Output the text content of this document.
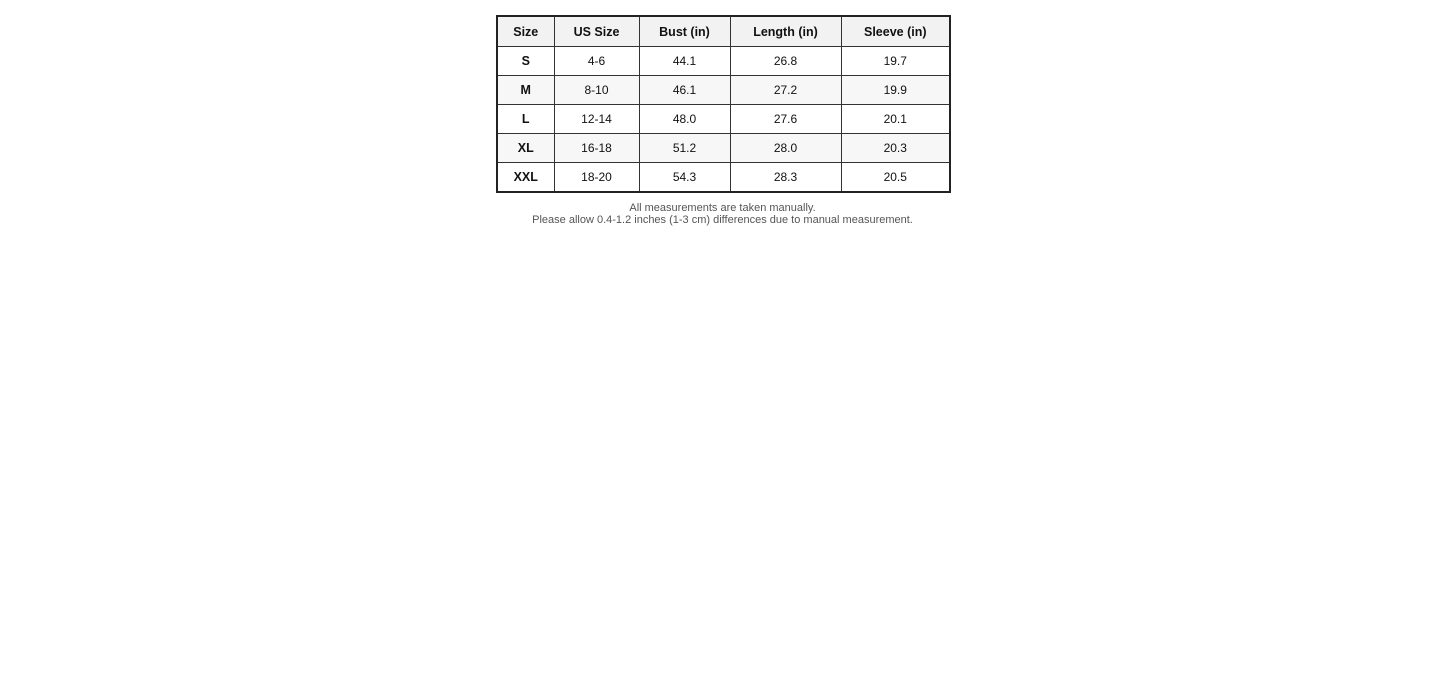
Size	US Size	Bust (in)	Length (in)	Sleeve (in)
S	4-6	44.1	26.8	19.7
M	8-10	46.1	27.2	19.9
L	12-14	48.0	27.6	20.1
XL	16-18	51.2	28.0	20.3
XXL	18-20	54.3	28.3	20.5
All measurements are taken manually.
Please allow 0.4-1.2 inches (1-3 cm) differences due to manual measurement.
